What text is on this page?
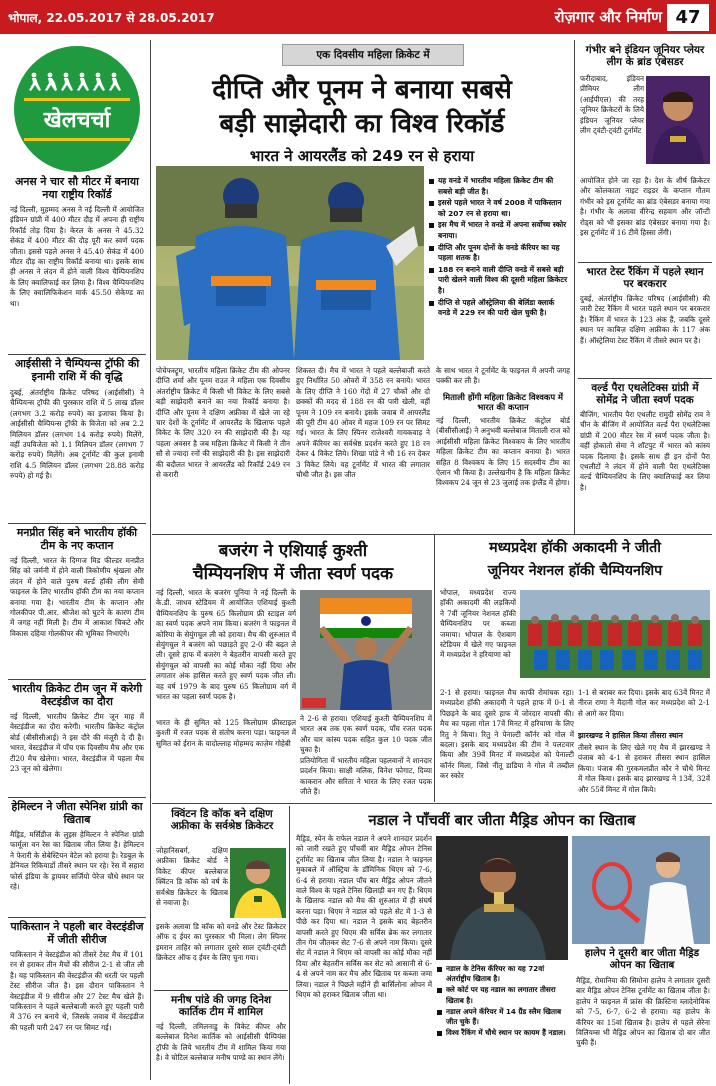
भोपाल, 22.05.2017 से 28.05.2017	रोज़गार और निर्माण 47
खेलचर्चा
अनस ने चार सौ मीटर में बनाया नया राष्ट्रीय रिकॉर्ड
नई दिल्ली, मुहम्मद अनस ने नई दिल्ली में आयोजित इंडियन ग्रांप्री में 400 मीटर दौड़ में अपना ही राष्ट्रीय रिकॉर्ड तोड़ दिया है। केरल के अनस ने 45.32 सेकंड में 400 मीटर की दौड़ पूरी कर स्वर्ण पदक जीता। इससे पहले अनस ने 45.40 सेकंड में 400 मीटर दौड़ का राष्ट्रीय रिकॉर्ड बनाया था। इसके साथ ही अनस ने लंदन में होने वाली विश्व चैम्पियनशिप के लिए क्वालिफाई कर लिया है। विश्व चैम्पियनशिप के लिए क्वालिफिकेशन मार्क 45.50 सेकेण्ड का था।
आईसीसी ने चैम्पियन्स ट्रॉफी की इनामी राशि में की वृद्धि
दुबई, अंतर्राष्ट्रीय क्रिकेट परिषद (आईसीसी) ने चैम्पियन्स ट्रॉफी की पुरस्कार राशि में 5 लाख डॉलर (लगभग 3.2 करोड़ रुपये) का इजाफा किया है। आईसीसी चैम्पियन्स ट्रॉफी के विजेता को अब 2.2 मिलियन डॉलर (लगभग 14 करोड़ रुपये) मिलेंगे, वहीं उपविजेता को 1.1 मिलियन डॉलर (लगभग 7 करोड़ रुपये) मिलेंगे। अब टूर्नामेंट की कुल इनामी राशि 4.5 मिलियन डॉलर (लगभग 28.88 करोड़ रुपये) हो गई है।
मनप्रीत सिंह बने भारतीय हॉकी टीम के नए कप्तान
नई दिल्ली, भारत के दिग्गज मिड फील्डर मनप्रीत सिंह को जर्मनी में होने वाली त्रिकोणीय श्रृंखला और लंदन में होने वाले पुरुष वर्ल्ड हॉकी लीग सेमी फाइनल के लिए भारतीय हॉकी टीम का नया कप्तान बनाया गया है। भारतीय टीम के कप्तान और गोलकीपर पी.आर. श्रीजेश को घुटने के कारण टीम में जगह नहीं मिली है। टीम में आकाश चिकटे और विकास दहिया गोलकीपर की भूमिका निभाएंगे।
भारतीय क्रिकेट टीम जून में करेगी वेस्टइंडीज का दौरा
नई दिल्ली, भारतीय क्रिकेट टीम जून माह में वेस्टइंडीज का दौरा करेगी। भारतीय क्रिकेट कंट्रोल बोर्ड (बीसीसीआई) ने इस दौरे की मंजूरी दे दी है। भारत, वेस्टइंडीज में पाँच एक दिवसीय मैच और एक टी20 मैच खेलेगा। भारत, वेस्टइंडीज में पहला मैच 23 जून को खेलेगा।
हेमिल्टन ने जीता स्पेनिश ग्रांप्री का खिताब
मैड्रिड, मर्सिडीज के लुइस हेमिल्टन ने स्पेनिश ग्रांप्री फार्मूला वन रेस का खिताब जीत लिया है। हेमिल्टन ने फेरारी के सेबेस्टियन वेटेल को हराया है। रेडबुल के डेनियल रिकियार्डो तीसरे स्थान पर रहे। रेस में सहारा फोर्स इंडिया के ड्रायवर सर्जियो पेरेज चौथे स्थान पर रहे।
पाकिस्तान ने पहली बार वेस्टइंडीज में जीती सीरीज
पाकिस्तान ने वेस्टइंडीज को तीसरे टेस्ट मैच में 101 रन से हराकर तीन मैचों की सीरीज 2-1 से जीत ली है। यह पाकिस्तान की वेस्टइंडीज की धरती पर पहली टेस्ट सीरीज जीत है। इस दौरान पाकिस्तान ने वेस्टइंडीज में 9 सीरीज और 27 टेस्ट मैच खेले हैं। पाकिस्तान ने पहले बल्लेबाजी करते हुए पहली पारी में 376 रन बनाये थे, जिसके जवाब में वेस्टइंडीज की पहली पारी 247 रन पर सिमट गई।
एक दिवसीय महिला क्रिकेट में
दीप्ति और पूनम ने बनाया सबसे
बड़ी साझेदारी का विश्व रिकॉर्ड
भारत ने आयरलैंड को 249 रन से हराया
यह वनडे में भारतीय महिला क्रिकेट टीम की सबसे बड़ी जीत है।
इससे पहले भारत ने वर्ष 2008 में पाकिस्तान को 207 रन से हराया था।
इस मैच में भारत ने वनडे में अपना सर्वोच्च स्कोर बनाया।
दीप्ति और पूनम दोनों के वनडे कॅरियर का यह पहला शतक है।
188 रन बनाने वाली दीप्ति वनडे में सबसे बड़ी पारी खेलने वाली विश्व की दूसरी महिला क्रिकेटर है।
दीप्ति से पहले ऑस्ट्रेलिया की बेलिंडा क्लार्क वनडे में 229 रन की पारी खेल चुकी है।
पोचेफस्ट्रूम, भारतीय महिला क्रिकेट टीम की ओपनर दीप्ति शर्मा और पूनम राउत ने महिला एक दिवसीय अंतर्राष्ट्रीय क्रिकेट में किसी भी विकेट के लिए सबसे बड़ी साझेदारी बनाने का नया रिकॉर्ड बनाया है। दीप्ति और पूनम ने दक्षिण अफ्रीका में खेले जा रहे चार देशों के टूर्नामेंट में आयरलैंड के खिलाफ पहले विकेट के लिए 320 रन की साझेदारी की है। यह पहला अवसर है जब महिला क्रिकेट में किसी ने तीन सौ से ज्यादा रनों की साझेदारी की है। इस साझेदारी की बदौलत भारत ने आयरलैंड को रिकॉर्ड 249 रन से करारी
शिकस्त दी। मैच में भारत ने पहले बल्लेबाजी करते हुए निर्धारित 50 ओवरों में 358 रन बनाये। भारत के लिए दीप्ति ने 160 गेंदों में 27 चौकों और दो छक्कों की मदद से 188 रन की पारी खेली, वहीं पूनम ने 109 रन बनाये। इसके जवाब में आयरलैंड की पूरी टीम 40 ओवर में महज 109 रन पर सिमट गई। भारत के लिए स्पिनर राजेश्वरी गायकवाड़ ने अपने कॅरियर का सर्वश्रेष्ठ प्रदर्शन करते हुए 18 रन देकर 4 विकेट लिये। शिखा पांडे ने भी 16 रन देकर 3 विकेट लिये। यह टूर्नामेंट में भारत की लगातार चौथी जीत है। इस जीत
के साथ भारत ने टूर्नामेंट के फाइनल में अपनी जगह पक्की कर ली है।
मिताली होंगी महिला क्रिकेट विश्वकप में भारत की कप्तान
नई दिल्ली, भारतीय क्रिकेट कंट्रोल बोर्ड (बीसीसीआई) ने अनुभवी बल्लेबाज मिताली राज को आईसीसी महिला क्रिकेट विश्वकप के लिए भारतीय महिला क्रिकेट टीम का कप्तान बनाया है। भारत सहित 8 विश्वकप के लिए 15 सदस्यीय टीम का ऐलान भी किया है। उल्लेखनीय है कि महिला क्रिकेट विश्वकप 24 जून से 23 जुलाई तक इंग्लैंड में होगा।
गंभीर बने इंडियन जूनियर प्लेयर लीग के ब्रांड एंबेसडर
फरीदाबाद, इंडियन प्रीमियर लीग (आईपीएल) की तरह जूनियर क्रिकेटरों के लिये इंडियन जूनियर प्लेयर लीग ट्वंटी-ट्वंटी टूर्नामेंट
आयोजित होने जा रहा है। देश के शीर्ष क्रिकेटर और कोलकाता नाइट राइडर के कप्तान गौतम गंभीर को इस टूर्नामेंट का ब्रांड एंबेसडर बनाया गया है। गंभीर के अलावा वीरेन्द्र सहवाग और जॉन्टी रोड्स को भी इसका ब्रांड एंबेसडर बनाया गया है। इस टूर्नामेंट में 16 टीमें हिस्सा लेंगी।
भारत टेस्ट रैंकिंग में पहले स्थान पर बरकरार
दुबई, अंतर्राष्ट्रीय क्रिकेट परिषद (आईसीसी) की जारी टेस्ट रैंकिंग में भारत पहले स्थान पर बरकरार है। रैंकिंग में भारत के 123 अंक हैं, जबकि दूसरे स्थान पर काबिज़ दक्षिण अफ्रीका के 117 अंक हैं। ऑस्ट्रेलिया टेस्ट रैंकिंग में तीसरे स्थान पर है।
वर्ल्ड पैरा एथलेटिक्स ग्रांप्री में सोमेंद्र ने जीता स्वर्ण पदक
बीजिंग, भारतीय पैरा एथलीट रामुदी सोमेंद्र राव ने चीन के बीजिंग में आयोजित वर्ल्ड पैरा एथलेटिक्स ग्रांप्री में 200 मीटर रेस में स्वर्ण पदक जीता है। वहीं होकातो सेमा ने शॉटपुट में भारत को कांस्य पदक दिलाया है। इसके साथ ही इन दोनों पैरा एथलीटों ने लंदन में होने वाली पैरा एथलेटिक्स वर्ल्ड चैम्पियनशिप के लिए क्वालिफाई कर लिया है।
बजरंग ने एशियाई कुश्ती
चैम्पियनशिप में जीता स्वर्ण पदक
नई दिल्ली, भारत के बजरंग पूनिया ने नई दिल्ली के के.डी. जाधव स्टेडियम में आयोजित एशियाई कुश्ती चैम्पियनशिप के पुरुष 65 किलोग्राम फ्री स्टाइल वर्ग का स्वर्ण पदक अपने नाम किया। बजरंग ने फाइनल में कोरिया के सेयुंगचुल ली को हराया। मैच की शुरुआत में सेयुंगचुल ने बजरंग को पछाड़ते हुए 2-0 की बढ़त ले ली। दूसरे हाफ में बजरंग ने बेहतरीन वापसी करते हुए सेयुंगचुल को वापसी का कोई मौका नहीं दिया और लगातार अंक हासिल करते हुए स्वर्ण पदक जीत ली। वह वर्ष 1979 के बाद पुरुष 65 किलोग्राम वर्ग में भारत का पहला स्वर्ण पदक है।
भारत के ही सुमित को 125 किलोग्राम फ्रीस्टाइल कुश्ती में रजत पदक से संतोष करना पड़ा। फाइनल में सुमित को ईरान के यादोल्लाह मोहम्मद काज़ेम गोहेबी
ने 2-6 से हराया। एशियाई कुश्ती चैम्पियनशिप में भारत अब तक एक स्वर्ण पदक, पाँच रजत पदक और चार कांस्य पदक सहित कुल 10 पदक जीत चुका है।
प्रतियोगिता में भारतीय महिला पहलवानों ने शानदार प्रदर्शन किया। साक्षी मलिक, विनेश फोगाट, दिव्या काकरान और सरिता ने भारत के लिए रजत पदक जीते हैं।
मध्यप्रदेश हॉकी अकादमी ने जीती
जूनियर नेशनल हॉकी चैम्पियनशिप
भोपाल, मध्यप्रदेश राज्य हॉकी अकादमी की लड़कियों ने 7वीं जूनियर नेशनल हॉकी चैम्पियनशिप पर कब्जा जमाया। भोपाल के ऐशबाग स्टेडियम में खेले गए फाइनल में मध्यप्रदेश ने हरियाणा को
2-1 से हराया। फाइनल मैच काफी रोमांचक रहा। मध्यप्रदेश हॉकी अकादमी ने पहले हाफ में 0-1 से पिछड़ने के बाद दूसरे हाफ में जोरदार वापसी की। मैच का पहला गोल 17वें मिनट में हरियाणा के लिए रितु ने किया। रितु ने पेनाल्टी कॉर्नर को गोल में बदला। इसके बाद मध्यप्रदेश की टीम ने पलटवार किया और 39वें मिनट में मध्यप्रदेश को पेनाल्टी कॉर्नर मिला, जिसे नीतू डाडिया ने गोल में तब्दील कर स्कोर
1-1 से बराबर कर दिया। इसके बाद 63वें मिनट में नीरज राणा ने मैदानी गोल कर मध्यप्रदेश को 2-1 से आगे कर दिया।
झारखण्ड ने हासिल किया तीसरा स्थान
तीसरे स्थान के लिए खेले गए मैच में झारखण्ड ने पंजाब को 4-1 से हराकर तीसरा स्थान हासिल किया। पंजाब की गुरकमलप्रीत कौर ने चौथे मिनट में गोल किया। इसके बाद झारखण्ड ने 13वें, 32वें और 55वें मिनट में गोल किये।
क्विंटन डि कॉक बने दक्षिण अफ्रीका के सर्वश्रेष्ठ क्रिकेटर
जोहानिसबर्ग, दक्षिण अफ्रीका क्रिकेट बोर्ड ने विकेट कीपर बल्लेबाज क्विंटन डि कॉक को वर्ष के सर्वश्रेष्ठ क्रिकेटर के खिताब से नवाजा है।
इसके अलावा डि कॉक को वनडे और टेस्ट क्रिकेटर ऑफ द ईयर का पुरस्कार भी मिला। लेग स्पिनर इमरान ताहिर को लगातार दूसरे साल ट्वंटी-ट्वंटी क्रिकेटर ऑफ द ईयर के लिए चुना गया।
मनीष पांडे की जगह दिनेश कार्तिक टीम में शामिल
नई दिल्ली, तमिलनाडु के विकेट कीपर और बल्लेबाज दिनेश कार्तिक को आईसीसी चैम्पियंस ट्रॉफी के लिये भारतीय टीम में शामिल किया गया है। वे चोटिल बल्लेबाज मनीष पाण्डे का स्थान लेंगे।
नडाल ने पाँचवीं बार जीता मैड्रिड ओपन का खिताब
मैड्रिड, स्पेन के राफेल नडाल ने अपने शानदार प्रदर्शन को जारी रखते हुए पाँचवीं बार मैड्रिड ओपन टेनिस टूर्नामेंट का खिताब जीत लिया है। नडाल ने फाइनल मुकाबले में ऑस्ट्रिया के डॉमिनिक थिएम को 7-6, 6-4 से हराया। नडाल पाँच बार मैड्रिड ओपन जीतने वाले विश्व के पहले टेनिस खिलाड़ी बन गए हैं। थिएम के खिलाफ नडाल को मैच की शुरुआत में ही संघर्ष करना पड़ा। थिएम ने नडाल को पहले सेट में 1-3 से पीछे कर दिया था। नडाल ने इसके बाद बेहतरीन वापसी करते हुए थिएम की सर्विस ब्रेक कर लगातार तीन गेम जीतकर सेट 7-6 से अपने नाम किया। दूसरे सेट में नडाल ने थिएम को वापसी का कोई मौका नहीं दिया और बेहतरीन सर्विस कर सेट को आसानी से 6-4 से अपने नाम कर मैच और खिताब पर कब्जा जमा लिया। नडाल ने पिछले महीने ही बार्सिलोना ओपन में थिएम को हराकर खिताब जीता था।
नडाल के टेनिस कॅरियर का यह 72वां अंतर्राष्ट्रीय खिताब है।
क्ले कोर्ट पर यह नडाल का लगातार तीसरा खिताब है।
नडाल अपने कॅरियर में 14 ग्रैंड स्लैम खिताब जीत चुके हैं।
विश्व रैंकिंग में चौथे स्थान पर कायम हैं नडाल।
हालेप ने दूसरी बार जीता मैड्रिड ओपन का खिताब
मैड्रिड, रोमानिया की सिमोना हालेप ने लगातार दूसरी बार मैड्रिड ओपन टेनिस टूर्नामेंट का खिताब जीता है। हालेप ने फाइनल में फ्रांस की क्रिस्टिना म्लादेनोविक को 7-5, 6-7, 6-2 से हराया। यह हालेप के कॅरियर का 15वां खिताब है। हालेप से पहले सेरेना विलियम्स भी मैड्रिड ओपन का खिताब दो बार जीत चुकी हैं।
